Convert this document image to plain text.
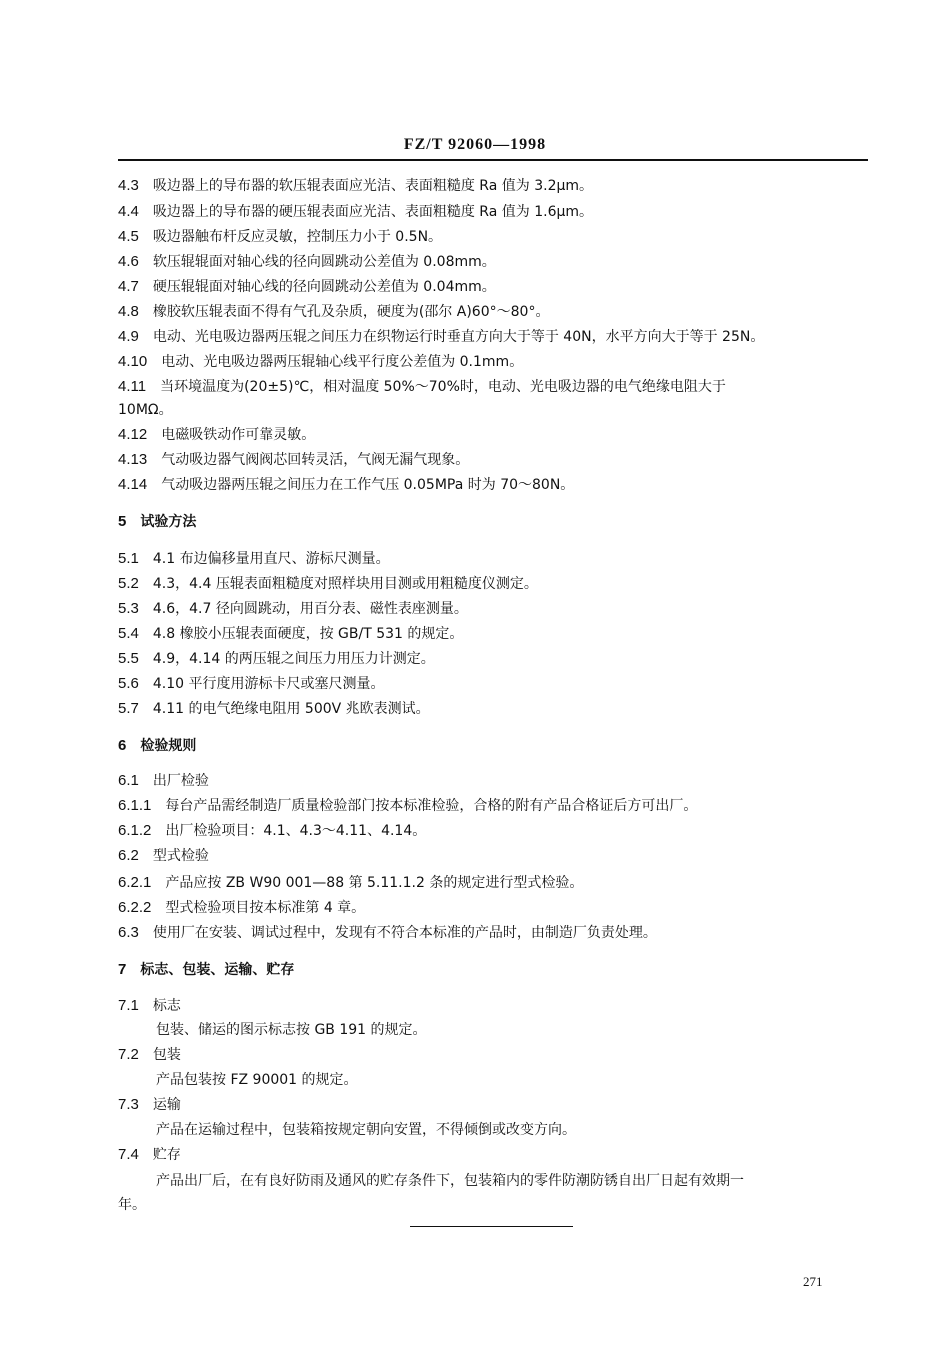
FZ/T 92060—1998
4.3 吸边器上的导布器的软压辊表面应光洁、表面粗糙度 Ra 值为 3.2μm。
4.4 吸边器上的导布器的硬压辊表面应光洁、表面粗糙度 Ra 值为 1.6μm。
4.5 吸边器触布杆反应灵敏，控制压力小于 0.5N。
4.6 软压辊辊面对轴心线的径向圆跳动公差值为 0.08mm。
4.7 硬压辊辊面对轴心线的径向圆跳动公差值为 0.04mm。
4.8 橡胶软压辊表面不得有气孔及杂质，硬度为(邵尔 A)60°～80°。
4.9 电动、光电吸边器两压辊之间压力在织物运行时垂直方向大于等于 40N，水平方向大于等于 25N。
4.10 电动、光电吸边器两压辊轴心线平行度公差值为 0.1mm。
4.11 当环境温度为(20±5)℃，相对温度 50%～70%时，电动、光电吸边器的电气绝缘电阻大于
10MΩ。
4.12 电磁吸铁动作可靠灵敏。
4.13 气动吸边器气阀阀芯回转灵活，气阀无漏气现象。
4.14 气动吸边器两压辊之间压力在工作气压 0.05MPa 时为 70～80N。
5 试验方法
5.1 4.1 布边偏移量用直尺、游标尺测量。
5.2 4.3，4.4 压辊表面粗糙度对照样块用目测或用粗糙度仪测定。
5.3 4.6，4.7 径向圆跳动，用百分表、磁性表座测量。
5.4 4.8 橡胶小压辊表面硬度，按 GB/T 531 的规定。
5.5 4.9，4.14 的两压辊之间压力用压力计测定。
5.6 4.10 平行度用游标卡尺或塞尺测量。
5.7 4.11 的电气绝缘电阻用 500V 兆欧表测试。
6 检验规则
6.1 出厂检验
6.1.1 每台产品需经制造厂质量检验部门按本标准检验，合格的附有产品合格证后方可出厂。
6.1.2 出厂检验项目：4.1、4.3～4.11、4.14。
6.2 型式检验
6.2.1 产品应按 ZB W90 001—88 第 5.11.1.2 条的规定进行型式检验。
6.2.2 型式检验项目按本标准第 4 章。
6.3 使用厂在安装、调试过程中，发现有不符合本标准的产品时，由制造厂负责处理。
7 标志、包装、运输、贮存
7.1 标志
包装、储运的图示标志按 GB 191 的规定。
7.2 包装
产品包装按 FZ 90001 的规定。
7.3 运输
产品在运输过程中，包装箱按规定朝向安置，不得倾倒或改变方向。
7.4 贮存
产品出厂后，在有良好防雨及通风的贮存条件下，包装箱内的零件防潮防锈自出厂日起有效期一
年。
271
